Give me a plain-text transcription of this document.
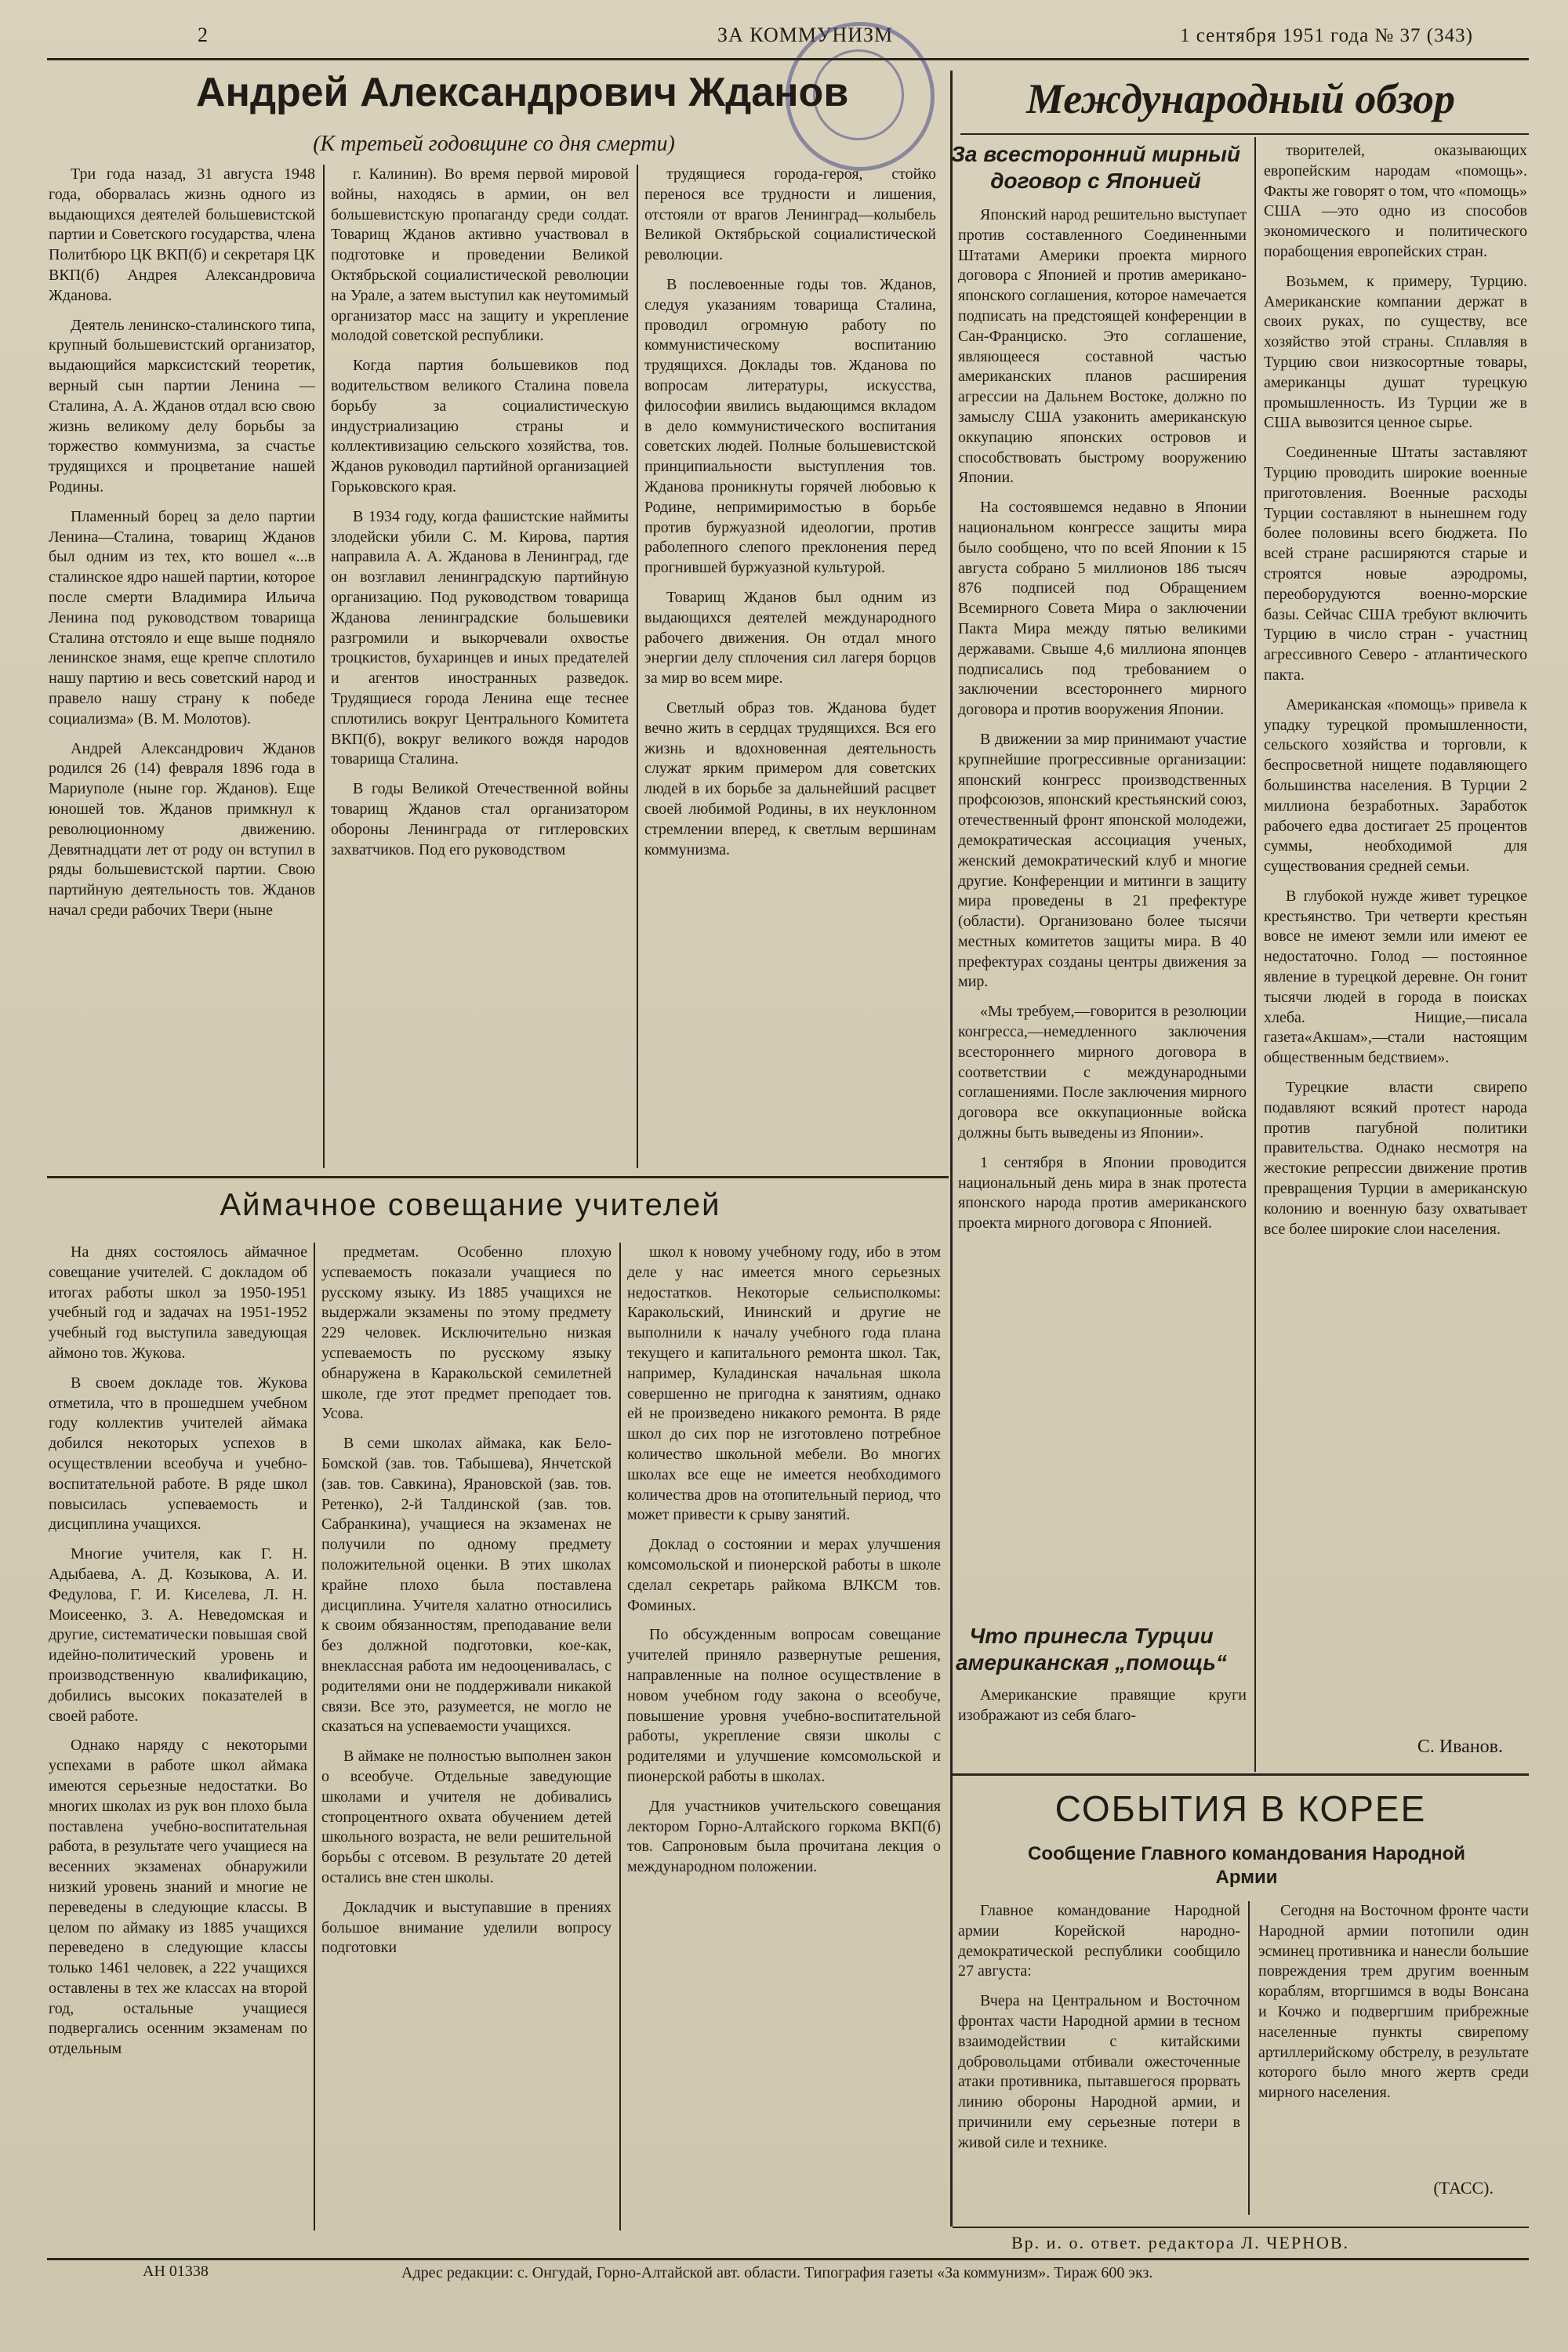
2	ЗА КОММУНИЗМ	1 сентября 1951 года № 37 (343)
Андрей Александрович Жданов
(К третьей годовщине со дня смерти)

Три года назад, 31 августа 1948 года, оборвалась жизнь одного из выдающихся деятелей большевистской партии и Советского государства, члена Политбюро ЦК ВКП(б) и секретаря ЦК ВКП(б) Андрея Александровича Жданова.

Деятель ленинско-сталинского типа, крупный большевистский организатор, выдающийся марксистский теоретик, верный сын партии Ленина — Сталина, А. А. Жданов отдал всю свою жизнь великому делу борьбы за торжество коммунизма, за счастье трудящихся и процветание нашей Родины.

Пламенный борец за дело партии Ленина—Сталина, товарищ Жданов был одним из тех, кто вошел «...в сталинское ядро нашей партии, которое после смерти Владимира Ильича Ленина под руководством товарища Сталина отстояло и еще выше подняло ленинское знамя, еще крепче сплотило нашу партию и весь советский народ и правело нашу страну к победе социализма» (В. М. Молотов).

Андрей Александрович Жданов родился 26 (14) февраля 1896 года в Мариуполе (ныне гор. Жданов). Еще юношей тов. Жданов примкнул к революционному движению. Девятнадцати лет от роду он вступил в ряды большевистской партии. Свою партийную деятельность тов. Жданов начал среди рабочих Твери (ныне

г. Калинин). Во время первой мировой войны, находясь в армии, он вел большевистскую пропаганду среди солдат. Товарищ Жданов активно участвовал в подготовке и проведении Великой Октябрьской социалистической революции на Урале, а затем выступил как неутомимый организатор масс на защиту и укрепление молодой советской республики.

Когда партия большевиков под водительством великого Сталина повела борьбу за социалистическую индустриализацию страны и коллективизацию сельского хозяйства, тов. Жданов руководил партийной организацией Горьковского края.

В 1934 году, когда фашистские наймиты злодейски убили С. М. Кирова, партия направила А. А. Жданова в Ленинград, где он возглавил ленинградскую партийную организацию. Под руководством товарища Жданова ленинградские большевики разгромили и выкорчевали охвостье троцкистов, бухаринцев и иных предателей и агентов иностранных разведок. Трудящиеся города Ленина еще теснее сплотились вокруг Центрального Комитета ВКП(б), вокруг великого вождя народов товарища Сталина.

В годы Великой Отечественной войны товарищ Жданов стал организатором обороны Ленинграда от гитлеровских захватчиков. Под его руководством

трудящиеся города-героя, стойко перенося все трудности и лишения, отстояли от врагов Ленинград—колыбель Великой Октябрьской социалистической революции.

В послевоенные годы тов. Жданов, следуя указаниям товарища Сталина, проводил огромную работу по коммунистическому воспитанию трудящихся. Доклады тов. Жданова по вопросам литературы, искусства, философии явились выдающимся вкладом в дело коммунистического воспитания советских людей. Полные большевистской принципиальности выступления тов. Жданова проникнуты горячей любовью к Родине, непримиримостью в борьбе против буржуазной идеологии, против раболепного слепого преклонения перед прогнившей буржуазной культурой.

Товарищ Жданов был одним из выдающихся деятелей международного рабочего движения. Он отдал много энергии делу сплочения сил лагеря борцов за мир во всем мире.

Светлый образ тов. Жданова будет вечно жить в сердцах трудящихся. Вся его жизнь и вдохновенная деятельность служат ярким примером для советских людей в их борьбе за дальнейший расцвет своей любимой Родины, в их неуклонном стремлении вперед, к светлым вершинам коммунизма.

Аймачное совещание учителей

На днях состоялось аймачное совещание учителей. С докладом об итогах работы школ за 1950-1951 учебный год и задачах на 1951-1952 учебный год выступила заведующая аймоно тов. Жукова.

В своем докладе тов. Жукова отметила, что в прошедшем учебном году коллектив учителей аймака добился некоторых успехов в осуществлении всеобуча и учебно-воспитательной работе. В ряде школ повысилась успеваемость и дисциплина учащихся.

Многие учителя, как Г. Н. Адыбаева, А. Д. Козыкова, А. И. Федулова, Г. И. Киселева, Л. Н. Моисеенко, З. А. Неведомская и другие, систематически повышая свой идейно-политический уровень и производственную квалификацию, добились высоких показателей в своей работе.

Однако наряду с некоторыми успехами в работе школ аймака имеются серьезные недостатки. Во многих школах из рук вон плохо была поставлена учебно-воспитательная работа, в результате чего учащиеся на весенних экзаменах обнаружили низкий уровень знаний и многие не переведены в следующие классы. В целом по аймаку из 1885 учащихся переведено в следующие классы только 1461 человек, а 222 учащихся оставлены в тех же классах на второй год, остальные учащиеся подвергались осенним экзаменам по отдельным

предметам. Особенно плохую успеваемость показали учащиеся по русскому языку. Из 1885 учащихся не выдержали экзамены по этому предмету 229 человек. Исключительно низкая успеваемость по русскому языку обнаружена в Каракольской семилетней школе, где этот предмет преподает тов. Усова.

В семи школах аймака, как Бело-Бомской (зав. тов. Табышева), Янчетской (зав. тов. Савкина), Ярановской (зав. тов. Ретенко), 2-й Талдинской (зав. тов. Сабранкина), учащиеся на экзаменах не получили по одному предмету положительной оценки. В этих школах крайне плохо была поставлена дисциплина. Учителя халатно относились к своим обязанностям, преподавание вели без должной подготовки, кое-как, внеклассная работа им недооценивалась, с родителями они не поддерживали никакой связи. Все это, разумеется, не могло не сказаться на успеваемости учащихся.

В аймаке не полностью выполнен закон о всеобуче. Отдельные заведующие школами и учителя не добивались стопроцентного охвата обучением детей школьного возраста, не вели решительной борьбы с отсевом. В результате 20 детей остались вне стен школы.

Докладчик и выступавшие в прениях большое внимание уделили вопросу подготовки

школ к новому учебному году, ибо в этом деле у нас имеется много серьезных недостатков. Некоторые сельисполкомы: Каракольский, Ининский и другие не выполнили к началу учебного года плана текущего и капитального ремонта школ. Так, например, Куладинская начальная школа совершенно не пригодна к занятиям, однако ей не произведено никакого ремонта. В ряде школ до сих пор не изготовлено потребное количество школьной мебели. Во многих школах все еще не имеется необходимого количества дров на отопительный период, что может привести к срыву занятий.

Доклад о состоянии и мерах улучшения комсомольской и пионерской работы в школе сделал секретарь райкома ВЛКСМ тов. Фоминых.

По обсужденным вопросам совещание учителей приняло развернутые решения, направленные на полное осуществление в новом учебном году закона о всеобуче, повышение уровня учебно-воспитательной работы, укрепление связи школы с родителями и улучшение комсомольской и пионерской работы в школах.

Для участников учительского совещания лектором Горно-Алтайского горкома ВКП(б) тов. Сапроновым была прочитана лекция о международном положении.

Международный обзор
За всесторонний мирный договор с Японией

Японский народ решительно выступает против составленного Соединенными Штатами Америки проекта мирного договора с Японией и против американо-японского соглашения, которое намечается подписать на предстоящей конференции в Сан-Франциско. Это соглашение, являющееся составной частью американских планов расширения агрессии на Дальнем Востоке, должно по замыслу США узаконить американскую оккупацию японских островов и способствовать быстрому вооружению Японии.

На состоявшемся недавно в Японии национальном конгрессе защиты мира было сообщено, что по всей Японии к 15 августа собрано 5 миллионов 186 тысяч 876 подписей под Обращением Всемирного Совета Мира о заключении Пакта Мира между пятью великими державами. Свыше 4,6 миллиона японцев подписались под требованием о заключении всестороннего мирного договора и против вооружения Японии.

В движении за мир принимают участие крупнейшие прогрессивные организации: японский конгресс производственных профсоюзов, японский крестьянский союз, отечественный фронт японской молодежи, демократическая ассоциация ученых, женский демократический клуб и многие другие. Конференции и митинги в защиту мира проведены в 21 префектуре (области). Организовано более тысячи местных комитетов защиты мира. В 40 префектурах созданы центры движения за мир.

«Мы требуем,—говорится в резолюции конгресса,—немедленного заключения всестороннего мирного договора в соответствии с международными соглашениями. После заключения мирного договора все оккупационные войска должны быть выведены из Японии».

1 сентября в Японии проводится национальный день мира в знак протеста японского народа против американского проекта мирного договора с Японией.

Что принесла Турции американская „помощь“

Американские правящие круги изображают из себя благо-

творителей, оказывающих европейским народам «помощь». Факты же говорят о том, что «помощь» США —это одно из способов экономического и политического порабощения европейских стран.

Возьмем, к примеру, Турцию. Американские компании держат в своих руках, по существу, все хозяйство этой страны. Сплавляя в Турцию свои низкосортные товары, американцы душат турецкую промышленность. Из Турции же в США вывозится ценное сырье.

Соединенные Штаты заставляют Турцию проводить широкие военные приготовления. Военные расходы Турции составляют в нынешнем году более половины всего бюджета. По всей стране расширяются старые и строятся новые аэродромы, переоборудуются военно-морские базы. Сейчас США требуют включить Турцию в число стран - участниц агрессивного Северо - атлантического пакта.

Американская «помощь» привела к упадку турецкой промышленности, сельского хозяйства и торговли, к беспросветной нищете подавляющего большинства населения. В Турции 2 миллиона безработных. Заработок рабочего едва достигает 25 процентов суммы, необходимой для существования средней семьи.

В глубокой нужде живет турецкое крестьянство. Три четверти крестьян вовсе не имеют земли или имеют ее недостаточно. Голод — постоянное явление в турецкой деревне. Он гонит тысячи людей в города в поисках хлеба. Нищие,—писала газета«Акшам»,—стали настоящим общественным бедствием».

Турецкие власти свирепо подавляют всякий протест народа против пагубной политики правительства. Однако несмотря на жестокие репрессии движение против превращения Турции в американскую колонию и военную базу охватывает все более широкие слои населения.

С. Иванов.
СОБЫТИЯ В КОРЕЕ
Сообщение Главного командования Народной Армии

Главное командование Народной армии Корейской народно-демократической республики сообщило 27 августа:

Вчера на Центральном и Восточном фронтах части Народной армии в тесном взаимодействии с китайскими добровольцами отбивали ожесточенные атаки противника, пытавшегося прорвать линию обороны Народной армии, и причинили ему серьезные потери в живой силе и технике.

Сегодня на Восточном фронте части Народной армии потопили один эсминец противника и нанесли большие повреждения трем другим военным кораблям, вторгшимся в воды Вонсана и Кочжо и подвергшим прибрежные населенные пункты свирепому артиллерийскому обстрелу, в результате которого было много жертв среди мирного населения.

(ТАСС).
Вр. и. о. ответ. редактора Л. ЧЕРНОВ.
АН 01338	Адрес редакции: с. Онгудай, Горно-Алтайской авт. области. Типография газеты «За коммунизм». Тираж 600 экз.
